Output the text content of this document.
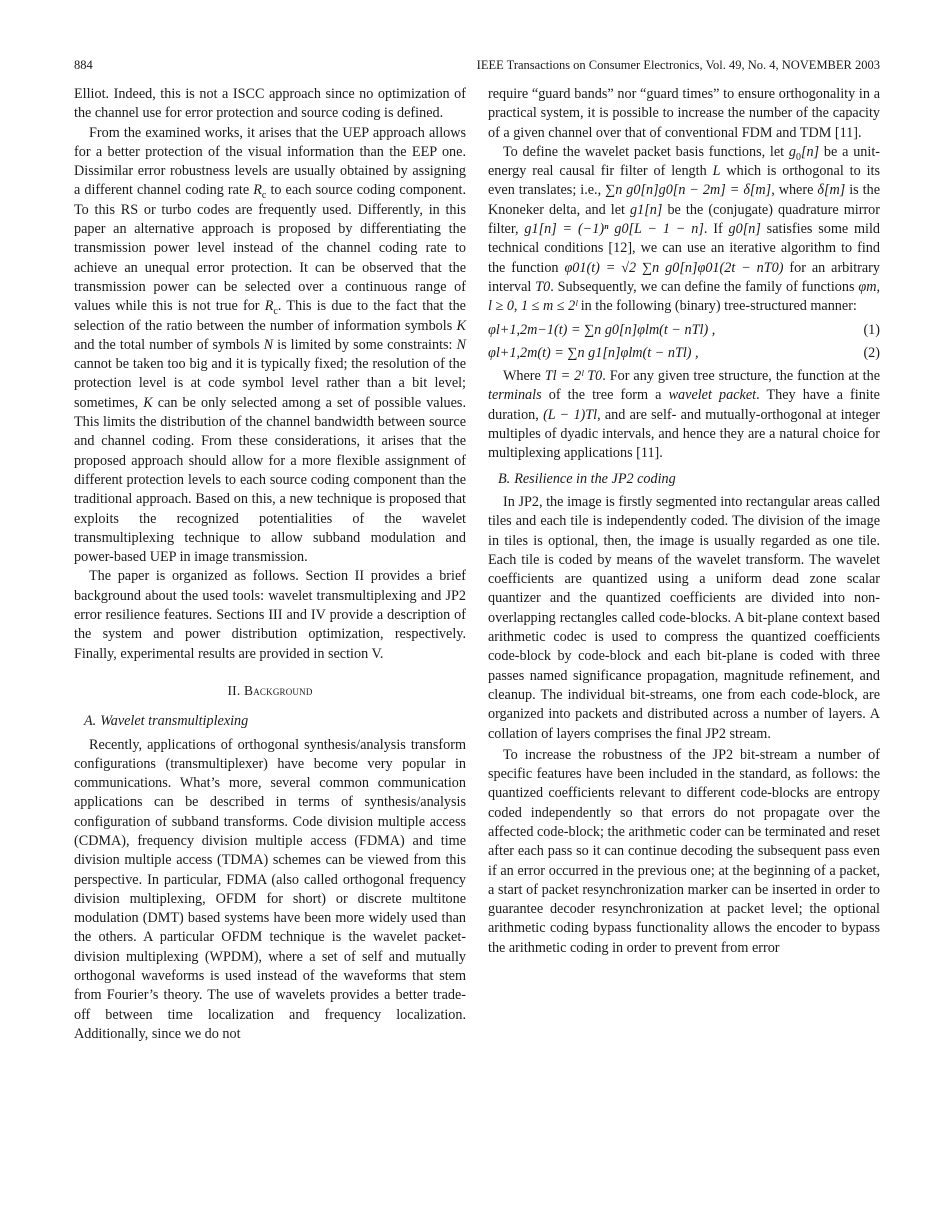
884	IEEE Transactions on Consumer Electronics, Vol. 49, No. 4, NOVEMBER 2003

Elliot. Indeed, this is not a ISCC approach since no optimization of the channel use for error protection and source coding is defined.

From the examined works, it arises that the UEP approach allows for a better protection of the visual information than the EEP one. Dissimilar error robustness levels are usually obtained by assigning a different channel coding rate $R_c$ to each source coding component. To this RS or turbo codes are frequently used. Differently, in this paper an alternative approach is proposed by differentiating the transmission power level instead of the channel coding rate to achieve an unequal error protection. It can be observed that the transmission power can be selected over a continuous range of values while this is not true for $R_c$. This is due to the fact that the selection of the ratio between the number of information symbols K and the total number of symbols N is limited by some constraints: N cannot be taken too big and it is typically fixed; the resolution of the protection level is at code symbol level rather than a bit level; sometimes, K can be only selected among a set of possible values. This limits the distribution of the channel bandwidth between source and channel coding. From these considerations, it arises that the proposed approach should allow for a more flexible assignment of different protection levels to each source coding component than the traditional approach. Based on this, a new technique is proposed that exploits the recognized potentialities of the wavelet transmultiplexing technique to allow subband modulation and power-based UEP in image transmission.

The paper is organized as follows. Section II provides a brief background about the used tools: wavelet transmultiplexing and JP2 error resilience features. Sections III and IV provide a description of the system and power distribution optimization, respectively. Finally, experimental results are provided in section V.

II. Background

A. Wavelet transmultiplexing

Recently, applications of orthogonal synthesis/analysis transform configurations (transmultiplexer) have become very popular in communications. What’s more, several common communication applications can be described in terms of synthesis/analysis configuration of subband transforms. Code division multiple access (CDMA), frequency division multiple access (FDMA) and time division multiple access (TDMA) schemes can be viewed from this perspective. In particular, FDMA (also called orthogonal frequency division multiplexing, OFDM for short) or discrete multitone modulation (DMT) based systems have been more widely used than the others. A particular OFDM technique is the wavelet packet-division multiplexing (WPDM), where a set of self and mutually orthogonal waveforms is used instead of the waveforms that stem from Fourier’s theory. The use of wavelets provides a better trade-off between time localization and frequency localization. Additionally, since we do not

require “guard bands” nor “guard times” to ensure orthogonality in a practical system, it is possible to increase the number of the capacity of a given channel over that of conventional FDM and TDM [11].

To define the wavelet packet basis functions, let $g_0[n]$ be a unit-energy real causal fir filter of length L which is orthogonal to its even translates; i.e., ∑n g0[n]g0[n − 2m] = δ[m], where δ[m] is the Knoneker delta, and let g1[n] be the (conjugate) quadrature mirror filter, g1[n] = (−1)ⁿ g0[L − 1 − n]. If g0[n] satisfies some mild technical conditions [12], we can use an iterative algorithm to find the function φ01(t) = √2 ∑n g0[n]φ01(2t − nT0) for an arbitrary interval T0. Subsequently, we can define the family of functions φm, l ≥ 0, 1 ≤ m ≤ 2ˡ in the following (binary) tree-structured manner:

φl+1,2m−1(t) = ∑n g0[n]φlm(t − nTl) ,	(1)
φl+1,2m(t) = ∑n g1[n]φlm(t − nTl) ,	(2)

Where Tl = 2ˡ T0. For any given tree structure, the function at the terminals of the tree form a wavelet packet. They have a finite duration, (L − 1)Tl, and are self- and mutually-orthogonal at integer multiples of dyadic intervals, and hence they are a natural choice for multiplexing applications [11].

B. Resilience in the JP2 coding

In JP2, the image is firstly segmented into rectangular areas called tiles and each tile is independently coded. The division of the image in tiles is optional, then, the image is usually regarded as one tile. Each tile is coded by means of the wavelet transform. The wavelet coefficients are quantized using a uniform dead zone scalar quantizer and the quantized coefficients are divided into non-overlapping rectangles called code-blocks. A bit-plane context based arithmetic codec is used to compress the quantized coefficients code-block by code-block and each bit-plane is coded with three passes named significance propagation, magnitude refinement, and cleanup. The individual bit-streams, one from each code-block, are organized into packets and distributed across a number of layers. A collation of layers comprises the final JP2 stream.

To increase the robustness of the JP2 bit-stream a number of specific features have been included in the standard, as follows: the quantized coefficients relevant to different code-blocks are entropy coded independently so that errors do not propagate over the affected code-block; the arithmetic coder can be terminated and reset after each pass so it can continue decoding the subsequent pass even if an error occurred in the previous one; at the beginning of a packet, a start of packet resynchronization marker can be inserted in order to guarantee decoder resynchronization at packet level; the optional arithmetic coding bypass functionality allows the encoder to bypass the arithmetic coding in order to prevent from error
